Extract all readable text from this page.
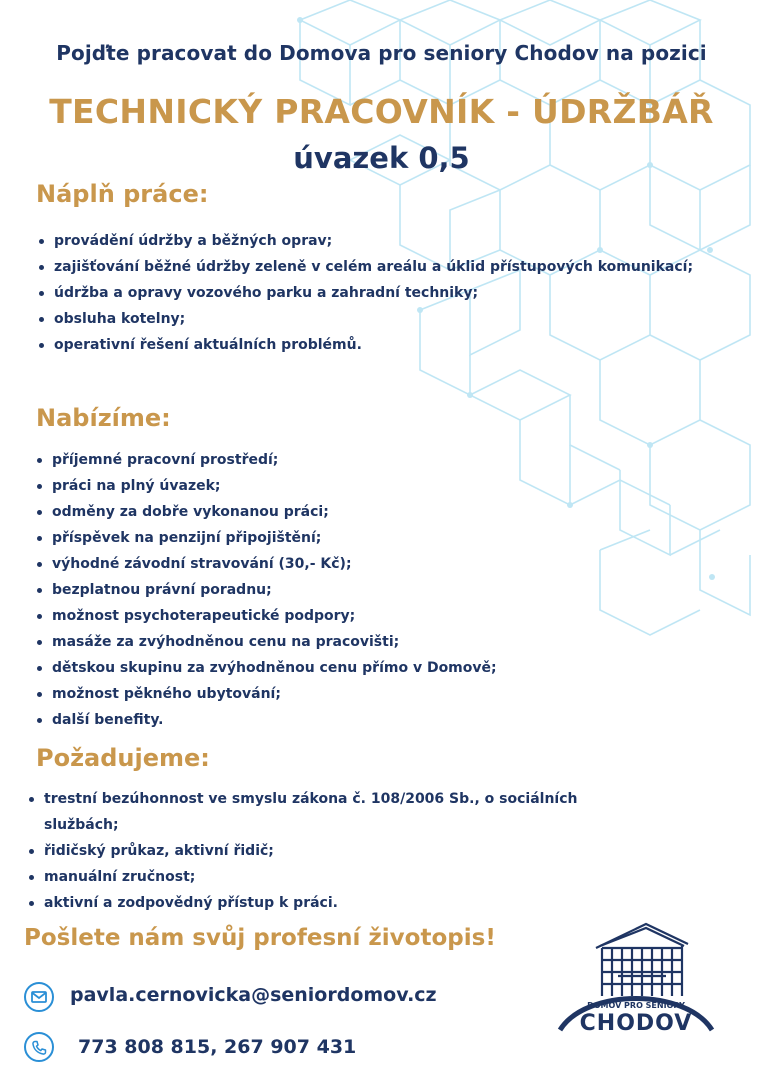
Pojďte pracovat do Domova pro seniory Chodov na pozici
TECHNICKÝ PRACOVNÍK - ÚDRŽBÁŘ
úvazek 0,5
Náplň práce:
provádění údržby a běžných oprav;
zajišťování běžné údržby zeleně v celém areálu a úklid přístupových komunikací;
údržba a opravy vozového parku a zahradní techniky;
obsluha kotelny;
operativní řešení aktuálních problémů.
Nabízíme:
příjemné pracovní prostředí;
práci na plný úvazek;
odměny za dobře vykonanou práci;
příspěvek na penzijní připojištění;
výhodné závodní stravování (30,- Kč);
bezplatnou právní poradnu;
možnost psychoterapeutické podpory;
masáže za zvýhodněnou cenu na pracovišti;
dětskou skupinu za zvýhodněnou cenu přímo v Domově;
možnost pěkného ubytování;
další benefity.
Požadujeme:
trestní bezúhonnost ve smyslu zákona č. 108/2006 Sb., o sociálních službách;
řidičský průkaz, aktivní řidič;
manuální zručnost;
aktivní a zodpovědný přístup k práci.
Pošlete nám svůj profesní životopis!
pavla.cernovicka@seniordomov.cz
773 808 815, 267 907 431
DOMOV PRO SENIORY
CHODOV
